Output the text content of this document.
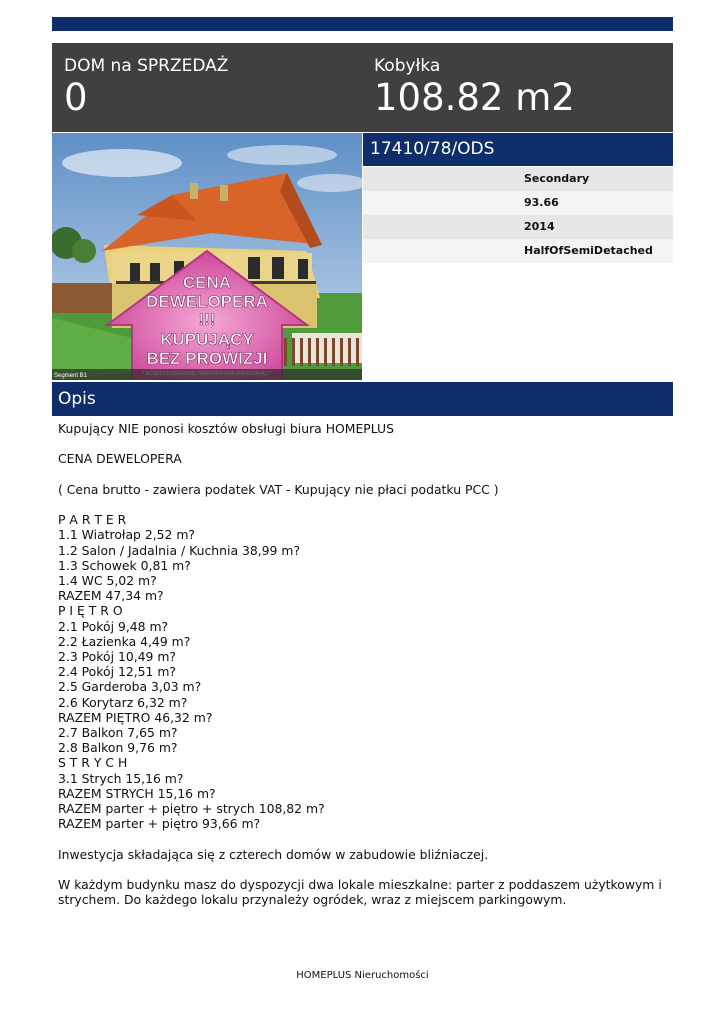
DOM na SPRZEDAŻ
0
Kobyłka
108.82 m2
CENA
DEWELOPERA
!!!
KUPUJĄCY
BEZ PROWIZJI
Segment B1
17410/78/ODS
Secondary
93.66
2014
HalfOfSemiDetached
Opis

Kupujący NIE ponosi kosztów obsługi biura HOMEPLUS

CENA DEWELOPERA

( Cena brutto - zawiera podatek VAT - Kupujący nie płaci podatku PCC )

P A R T E R

1.1 Wiatrołap 2,52 m?

1.2 Salon / Jadalnia / Kuchnia 38,99 m?

1.3 Schowek 0,81 m?

1.4 WC 5,02 m?

RAZEM 47,34 m?

P I Ę T R O

2.1 Pokój 9,48 m?

2.2 Łazienka 4,49 m?

2.3 Pokój 10,49 m?

2.4 Pokój 12,51 m?

2.5 Garderoba 3,03 m?

2.6 Korytarz 6,32 m?

RAZEM PIĘTRO 46,32 m?

2.7 Balkon 7,65 m?

2.8 Balkon 9,76 m?

S T R Y C H

3.1 Strych 15,16 m?

RAZEM STRYCH 15,16 m?

RAZEM parter + piętro + strych 108,82 m?

RAZEM parter + piętro 93,66 m?

Inwestycja składająca się z czterech domów w zabudowie bliźniaczej.

W każdym budynku masz do dyspozycji dwa lokale mieszkalne: parter z poddaszem użytkowym i strychem. Do każdego lokalu przynależy ogródek, wraz z miejscem parkingowym.

HOMEPLUS Nieruchomości
